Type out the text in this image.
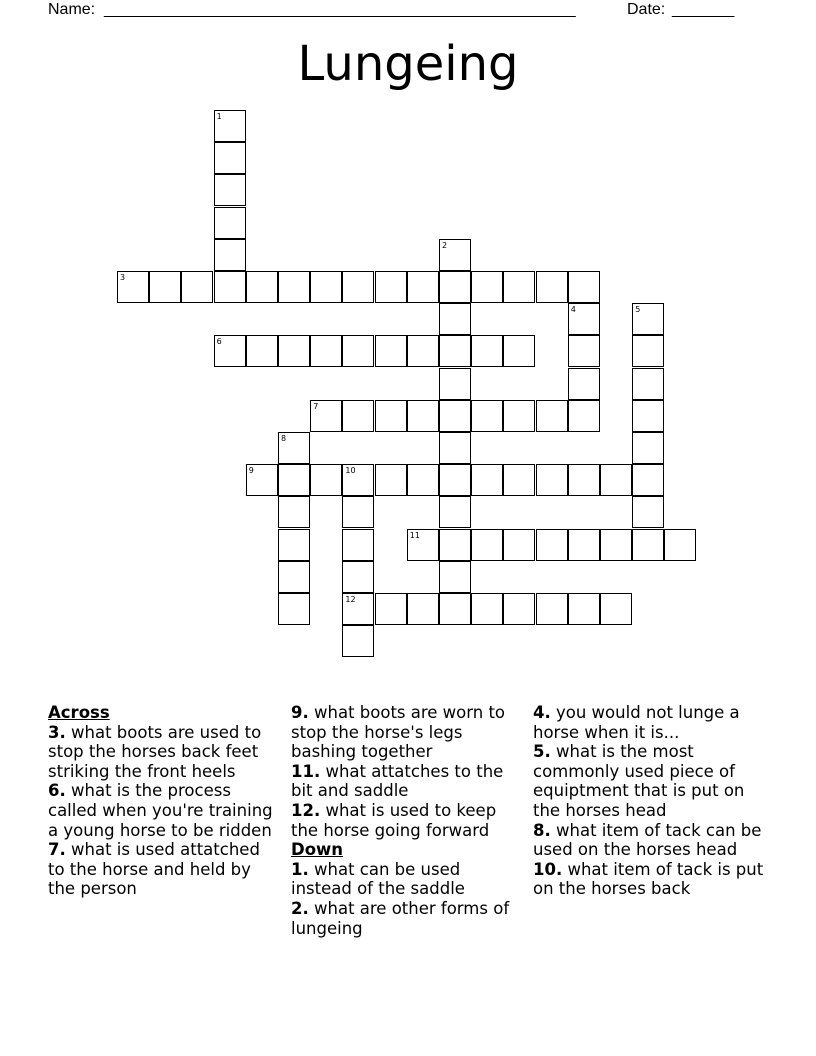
Name: _____________________________________________________	Date: _______
Lungeing
1
2
3
4	5
6
7
8
9	10
12
11
Across
3. what boots are used to stop the horses back feet striking the front heels
6. what is the process called when you're training a young horse to be ridden
7. what is used attatched to the horse and held by the person
9. what boots are worn to stop the horse's legs bashing together
11. what attatches to the bit and saddle
12. what is used to keep the horse going forward
Down
1. what can be used instead of the saddle
2. what are other forms of lungeing
4. you would not lunge a horse when it is...
5. what is the most commonly used piece of equiptment that is put on the horses head
8. what item of tack can be used on the horses head
10. what item of tack is put on the horses back
